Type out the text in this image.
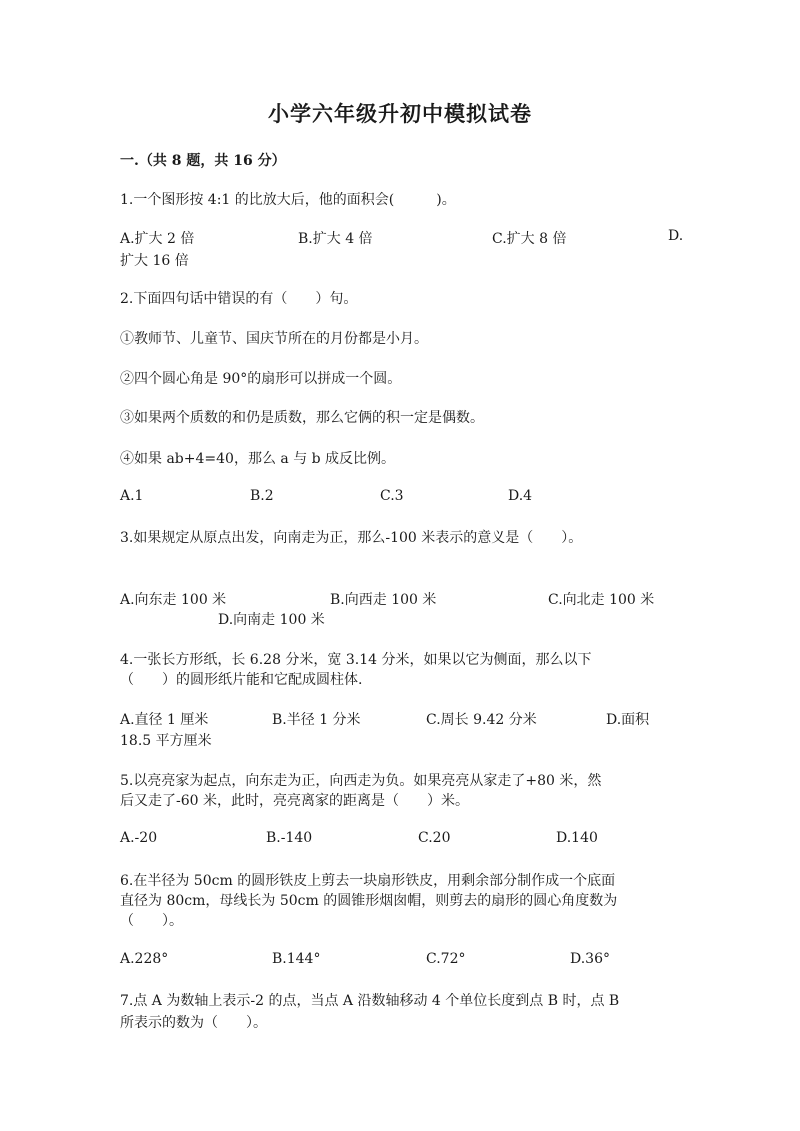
小学六年级升初中模拟试卷
一.（共 8 题，共 16 分）
1.一个图形按 4:1 的比放大后，他的面积会(　　　)。
A.扩大 2 倍	B.扩大 4 倍	C.扩大 8 倍	D.
扩大 16 倍
2.下面四句话中错误的有（　　）句。
①教师节、儿童节、国庆节所在的月份都是小月。
②四个圆心角是 90°的扇形可以拼成一个圆。
③如果两个质数的和仍是质数，那么它俩的积一定是偶数。
④如果 ab+4=40，那么 a 与 b 成反比例。
A.1	B.2	C.3	D.4
3.如果规定从原点出发，向南走为正，那么-100 米表示的意义是（　　）。
A.向东走 100 米	B.向西走 100 米	C.向北走 100 米
D.向南走 100 米
4.一张长方形纸，长 6.28 分米，宽 3.14 分米，如果以它为侧面，那么以下
（　　）的圆形纸片能和它配成圆柱体.
A.直径 1 厘米	B.半径 1 分米	C.周长 9.42 分米	D.面积
18.5 平方厘米
5.以亮亮家为起点，向东走为正，向西走为负。如果亮亮从家走了+80 米，然
后又走了-60 米，此时，亮亮离家的距离是（　　）米。
A.-20	B.-140	C.20	D.140
6.在半径为 50cm 的圆形铁皮上剪去一块扇形铁皮，用剩余部分制作成一个底面
直径为 80cm，母线长为 50cm 的圆锥形烟囱帽，则剪去的扇形的圆心角度数为
（　　）。
A.228°	B.144°	C.72°	D.36°
7.点 A 为数轴上表示-2 的点，当点 A 沿数轴移动 4 个单位长度到点 B 时，点 B
所表示的数为（　　）。
